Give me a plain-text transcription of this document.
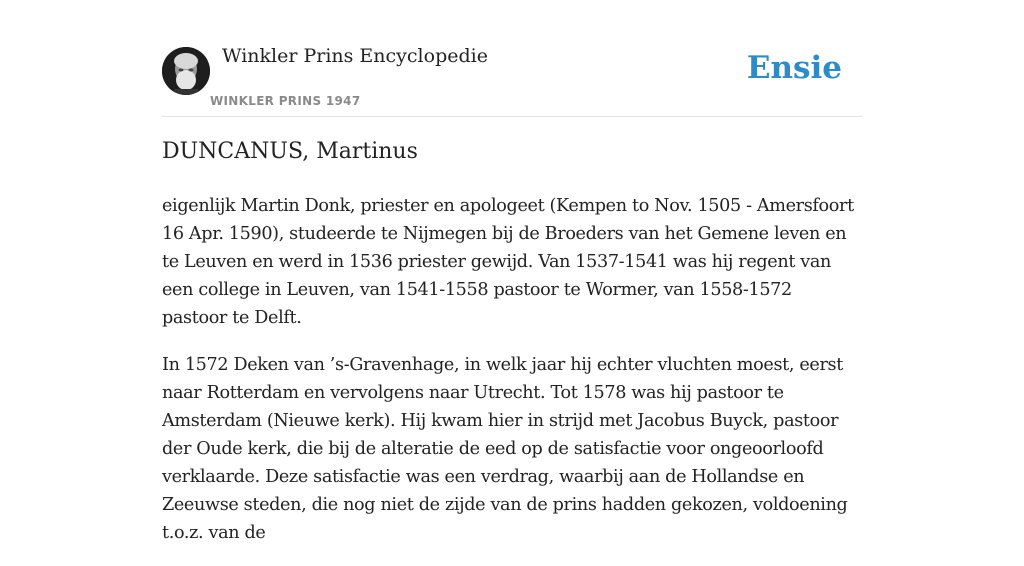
Winkler Prins Encyclopedie
WINKLER PRINS 1947
Ensie
DUNCANUS, Martinus

eigenlijk Martin Donk, priester en apologeet (Kempen to Nov. 1505 - Amersfoort 16 Apr. 1590), studeerde te Nijmegen bij de Broeders van het Gemene leven en te Leuven en werd in 1536 priester gewijd. Van 1537-1541 was hij regent van een college in Leuven, van 1541-1558 pastoor te Wormer, van 1558-1572 pastoor te Delft.

In 1572 Deken van ’s-Gravenhage, in welk jaar hij echter vluchten moest, eerst naar Rotterdam en vervolgens naar Utrecht. Tot 1578 was hij pastoor te Amsterdam (Nieuwe kerk). Hij kwam hier in strijd met Jacobus Buyck, pastoor der Oude kerk, die bij de alteratie de eed op de satisfactie voor ongeoorloofd verklaarde. Deze satisfactie was een verdrag, waarbij aan de Hollandse en Zeeuwse steden, die nog niet de zijde van de prins hadden gekozen, voldoening t.o.z. van de
